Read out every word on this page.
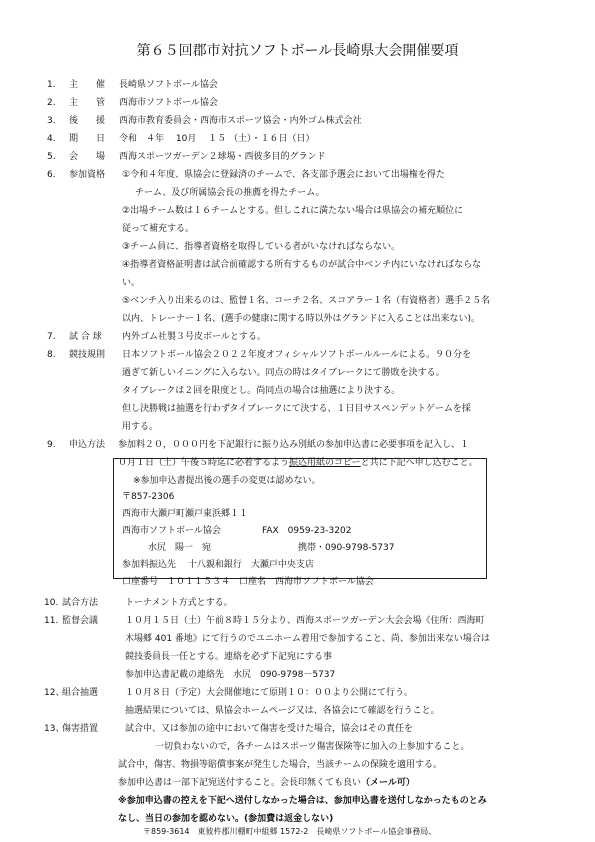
第６５回郡市対抗ソフトボール長崎県大会開催要項
1. 主　　催 長崎県ソフトボール協会
2. 主　　管 西海市ソフトボール協会
3. 後　　援 西海市教育委員会・西海市スポーツ協会・内外ゴム株式会社
4. 期　　日 令和　４年　 10月　 １５ （土）・１６日（日）
5. 会　　場 西海スポーツガーデン２球場・西彼多目的グランド
6. 参加資格 ①令和４年度、県協会に登録済のチームで、各支部予選会において出場権を得た
チーム、及び所属協会長の推薦を得たチーム。
②出場チーム数は１６チームとする。但しこれに満たない場合は県協会の補充順位に
従って補充する。
③チーム員に、指導者資格を取得している者がいなければならない。
④指導者資格証明書は試合前確認する所有するものが試合中ベンチ内にいなければならな
い。
⑤ベンチ入り出来るのは、監督１名、コーチ２名、スコアラー１名（有資格者）選手２５名
以内、トレーナー１名、(選手の健康に関する時以外はグランドに入ることは出来ない)。
7. 試 合 球 内外ゴム社製３号皮ボールとする。
8. 競技規則 日本ソフトボール協会２０２２年度オフィシャルソフトボールルールによる。９０分を
過ぎて新しいイニングに入らない。同点の時はタイブレークにて勝敗を決する。
タイブレークは２回を限度とし。尚同点の場合は抽選により決する。
但し決勝戦は抽選を行わずタイブレークにて決する、１日目サスペンデットゲームを採
用する。
9. 申込方法 参加料２０，０００円を下記銀行に振り込み別紙の参加申込書に必要事項を記入し、１
０月１日（土）午後５時迄に必着するよう振込用紙のコピーと共に下記へ申し込むこと。
※参加申込書提出後の選手の変更は認めない。
〒857-2306
西海市大瀬戸町瀬戸東浜郷１１
西海市ソフトボール協会	FAX　0959-23-3202
水尻　陽一　宛	携帯・090-9798-5737
参加料振込先　 十八親和銀行　大瀬戸中央支店
口座番号　１０１１５３４　口座名　西海市ソフトボール協会
10. 試合方法	トーナメント方式とする。
11. 監督会議	１０月１５日（土）午前８時１５分より、西海スポーツガーデン大会会場《住所：西海町
木場郷 401 番地》にて行うのでユニホーム着用で参加すること、尚、参加出来ない場合は
競技委員長一任とする。連絡を必ず下記宛にする事
参加申込書記載の連絡先　水尻　090-9798－5737
12、
組合抽選	１０月８日（予定）大会開催地にて原則１０：００より公開にて行う。
抽選結果については、県協会ホームページ又は、各協会にて確認を行うこと。
13、
傷害措置	試合中、又は参加の途中において傷害を受けた場合，協会はその責任を
一切負わないので，各チームはスポーツ傷害保険等に加入の上参加すること。
試合中，傷害、物損等賠償事案が発生した場合，当該チームの保険を適用する。
参加申込書は一部下記宛送付すること。会長印無くても良い（メール可）
※参加申込書の控えを下記へ送付しなかった場合は、参加申込書を送付しなかったものとみ
なし、当日の参加を認めない。(参加費は返金しない)
〒859-3614　東彼杵郡川棚町中組郷 1572-2　長崎県ソフトボール協会事務局、
